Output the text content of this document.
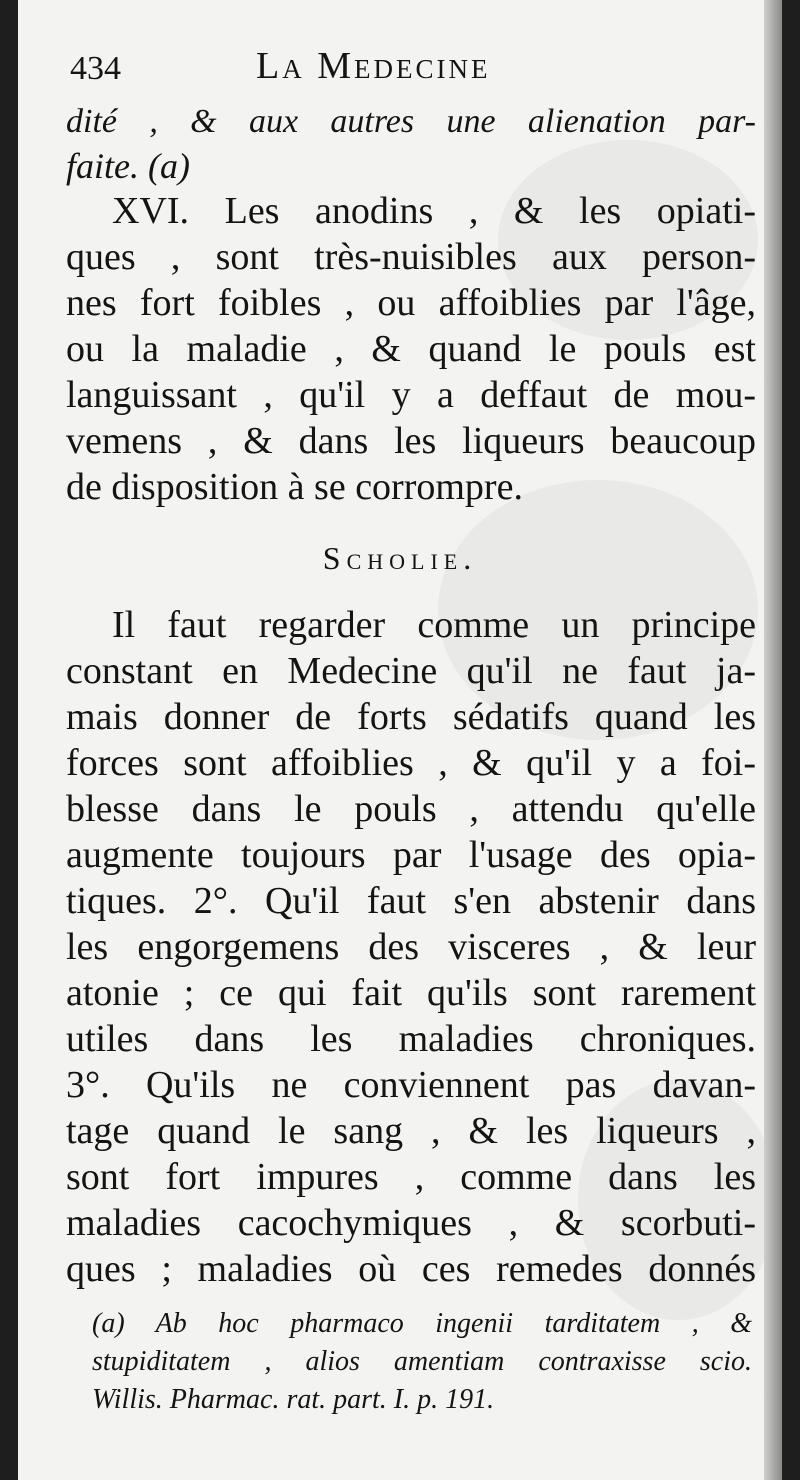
434	La Medecine
dité , & aux autres une alienation par-
faite. (a)
XVI. Les anodins , & les opiati-
ques , sont très-nuisibles aux person-
nes fort foibles , ou affoiblies par l'âge,
ou la maladie , & quand le pouls est
languissant , qu'il y a deffaut de mou-
vemens , & dans les liqueurs beaucoup
de disposition à se corrompre.
Scholie.
Il faut regarder comme un principe
constant en Medecine qu'il ne faut ja-
mais donner de forts sédatifs quand les
forces sont affoiblies , & qu'il y a foi-
blesse dans le pouls , attendu qu'elle
augmente toujours par l'usage des opia-
tiques. 2°. Qu'il faut s'en abstenir dans
les engorgemens des visceres , & leur
atonie ; ce qui fait qu'ils sont rarement
utiles dans les maladies chroniques.
3°. Qu'ils ne conviennent pas davan-
tage quand le sang , & les liqueurs ,
sont fort impures , comme dans les
maladies cacochymiques , & scorbuti-
ques ; maladies où ces remedes donnés
(a) Ab hoc pharmaco ingenii tarditatem , &
stupiditatem , alios amentiam contraxisse scio.
Willis. Pharmac. rat. part. I. p. 191.
